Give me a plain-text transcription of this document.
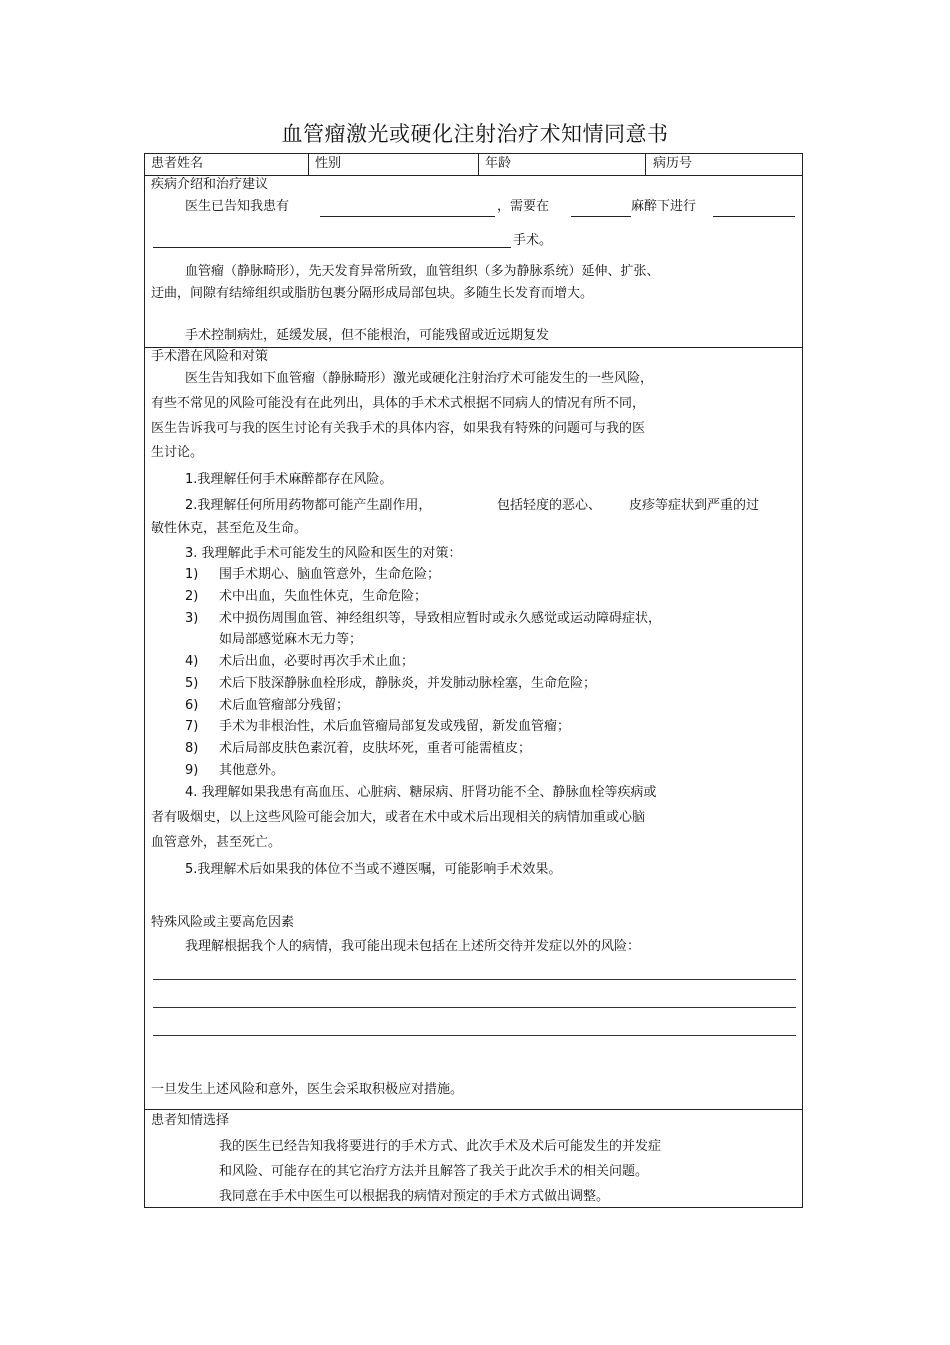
血管瘤激光或硬化注射治疗术知情同意书
患者姓名	性别	年龄	病历号
疾病介绍和治疗建议
医生已告知我患有	，需要在	麻醉下进行
手术。
血管瘤（静脉畸形），先天发育异常所致，血管组织（多为静脉系统）延伸、扩张、
迂曲，间隙有结缔组织或脂肪包裹分隔形成局部包块。多随生长发育而增大。
手术控制病灶，延缓发展，但不能根治，可能残留或近远期复发
手术潜在风险和对策
医生告知我如下血管瘤（静脉畸形）激光或硬化注射治疗术可能发生的一些风险，
有些不常见的风险可能没有在此列出，具体的手术术式根据不同病人的情况有所不同，
医生告诉我可与我的医生讨论有关我手术的具体内容，如果我有特殊的问题可与我的医
生讨论。
1.我理解任何手术麻醉都存在风险。
2.我理解任何所用药物都可能产生副作用，	包括轻度的恶心、 皮疹等症状到严重的过
敏性休克，甚至危及生命。
3. 我理解此手术可能发生的风险和医生的对策：
1) 围手术期心、脑血管意外，生命危险；
2) 术中出血，失血性休克，生命危险；
3) 术中损伤周围血管、神经组织等，导致相应暂时或永久感觉或运动障碍症状，
如局部感觉麻木无力等；
4) 术后出血，必要时再次手术止血；
5) 术后下肢深静脉血栓形成，静脉炎，并发肺动脉栓塞，生命危险；
6) 术后血管瘤部分残留；
7) 手术为非根治性，术后血管瘤局部复发或残留，新发血管瘤；
8) 术后局部皮肤色素沉着，皮肤坏死，重者可能需植皮；
9) 其他意外。
4. 我理解如果我患有高血压、心脏病、糖尿病、肝肾功能不全、静脉血栓等疾病或
者有吸烟史，以上这些风险可能会加大，或者在术中或术后出现相关的病情加重或心脑
血管意外，甚至死亡。
5.我理解术后如果我的体位不当或不遵医嘱，可能影响手术效果。
特殊风险或主要高危因素
我理解根据我个人的病情，我可能出现未包括在上述所交待并发症以外的风险：
一旦发生上述风险和意外，医生会采取积极应对措施。
患者知情选择
我的医生已经告知我将要进行的手术方式、此次手术及术后可能发生的并发症
和风险、可能存在的其它治疗方法并且解答了我关于此次手术的相关问题。
我同意在手术中医生可以根据我的病情对预定的手术方式做出调整。
